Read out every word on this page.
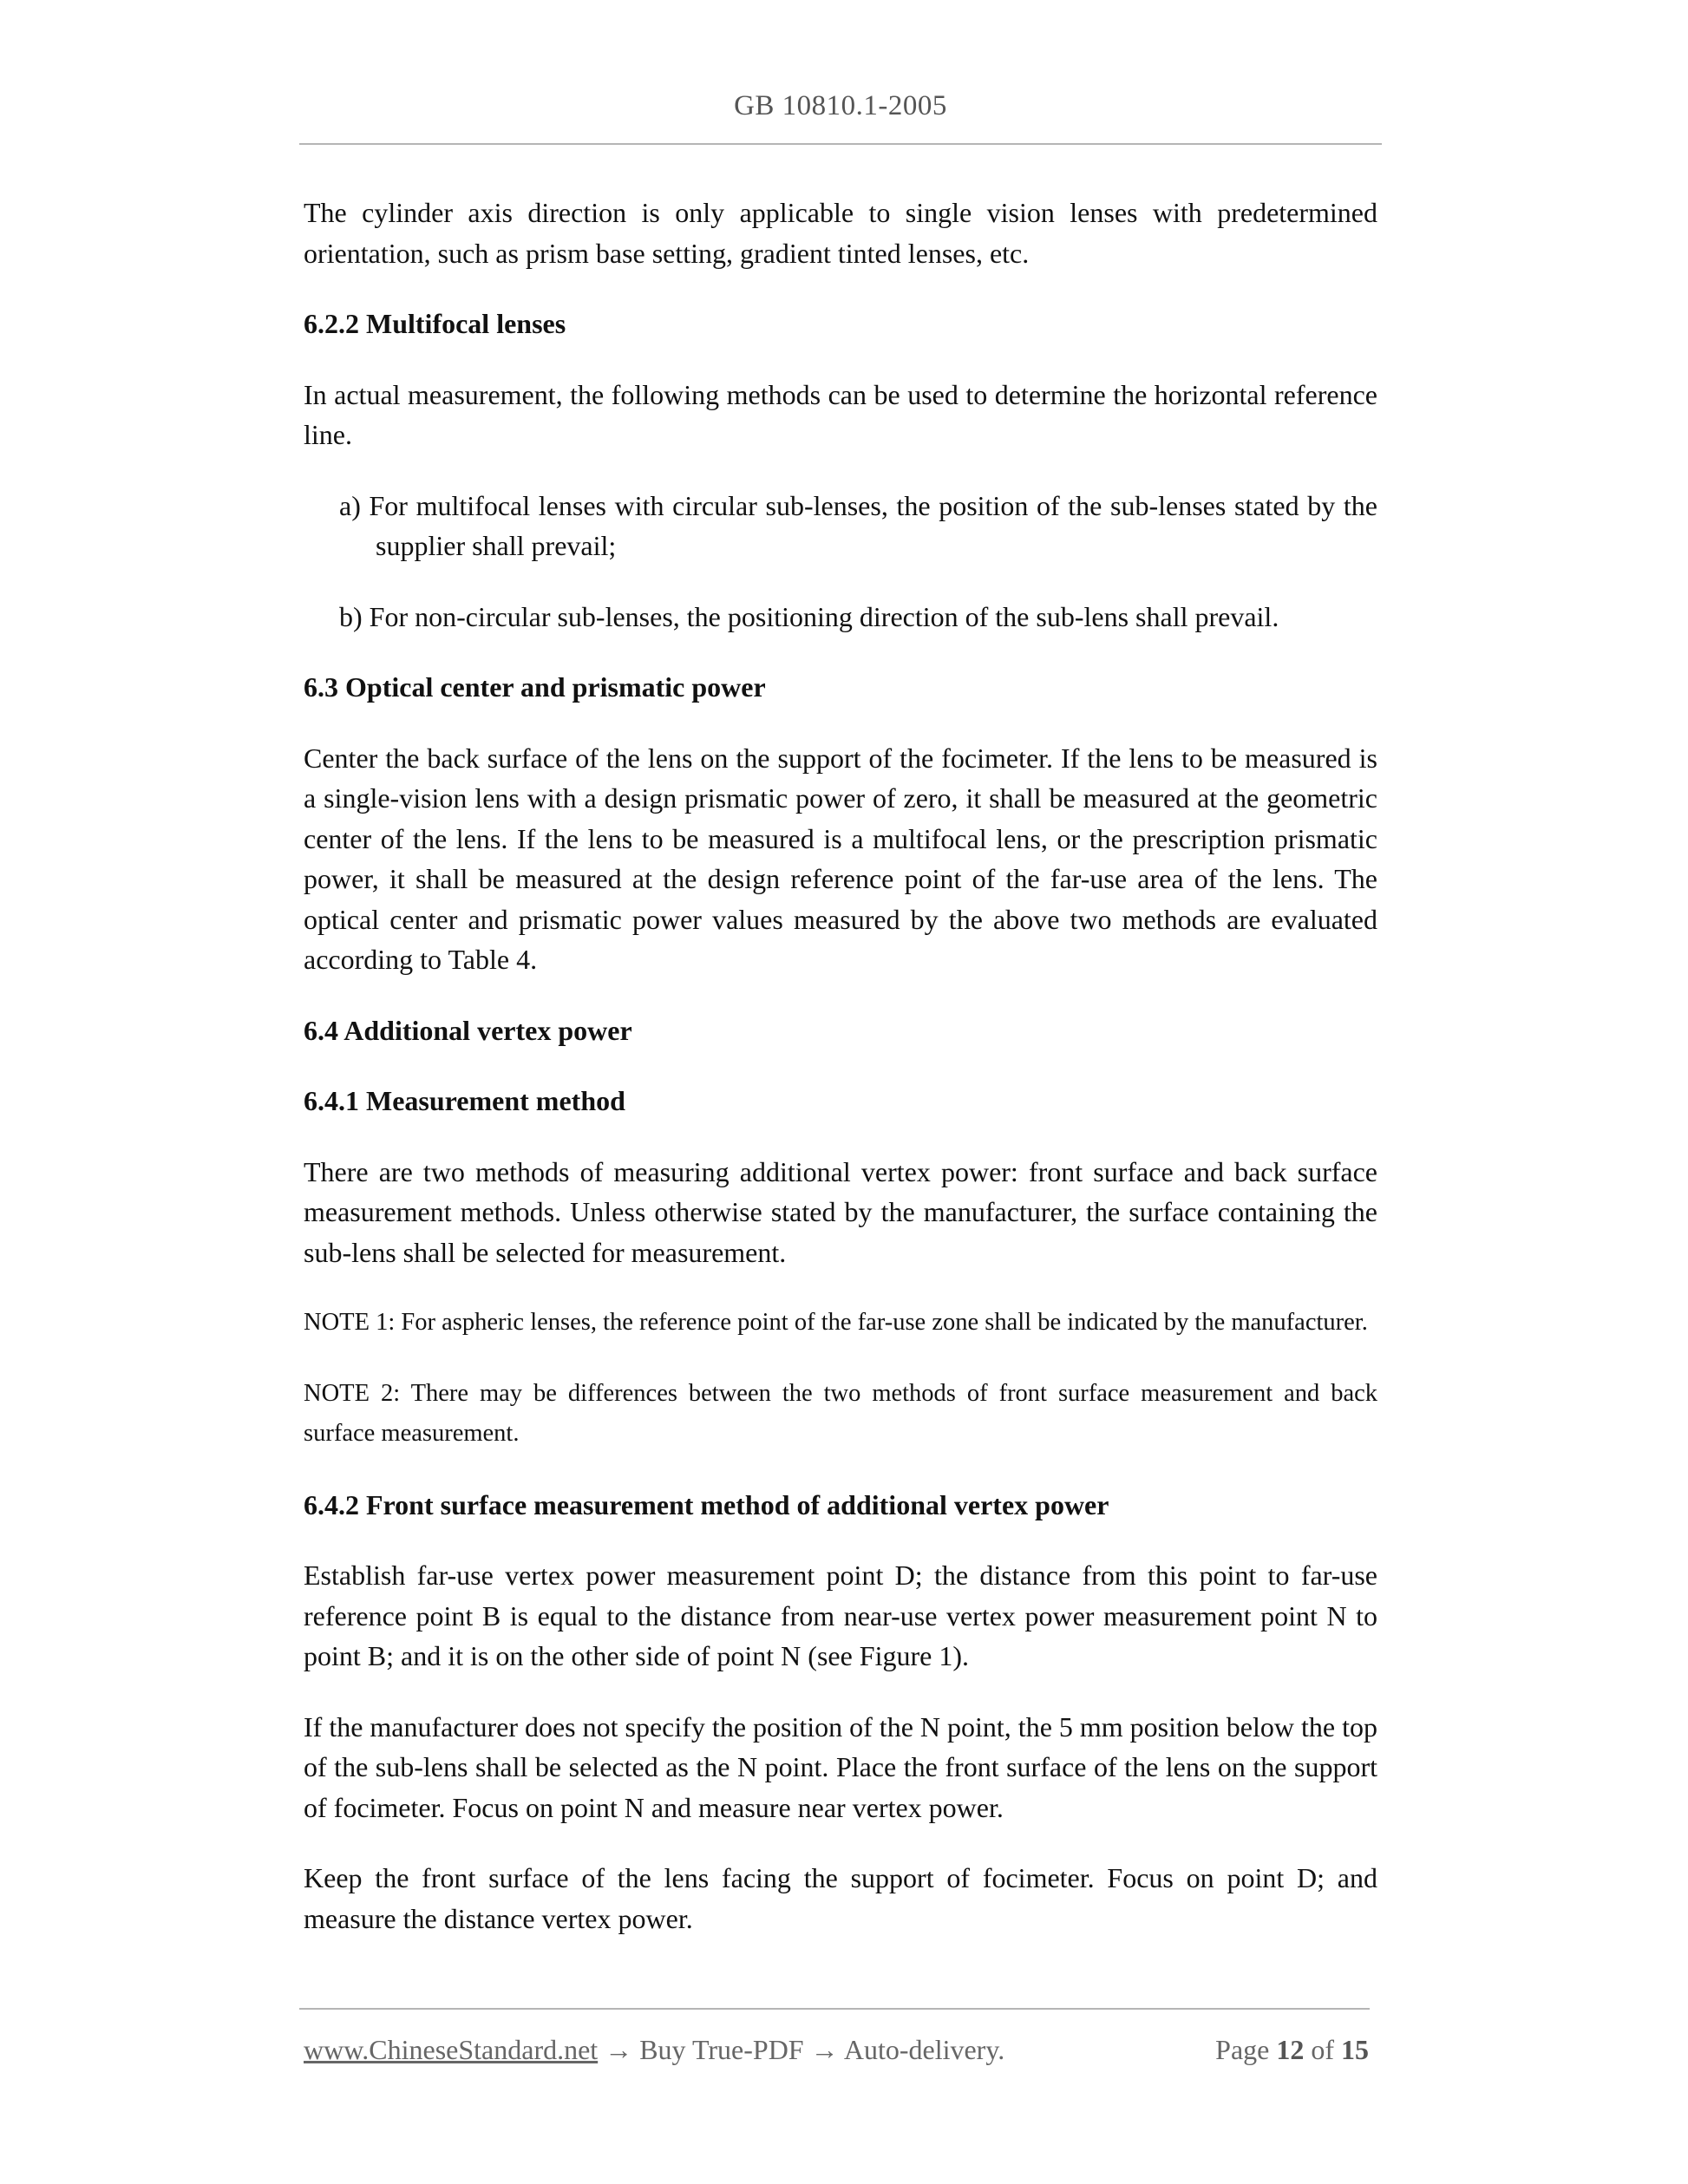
GB 10810.1-2005

The cylinder axis direction is only applicable to single vision lenses with predetermined orientation, such as prism base setting, gradient tinted lenses, etc.

6.2.2 Multifocal lenses

In actual measurement, the following methods can be used to determine the horizontal reference line.

a) For multifocal lenses with circular sub-lenses, the position of the sub-lenses stated by the supplier shall prevail;

b) For non-circular sub-lenses, the positioning direction of the sub-lens shall prevail.

6.3 Optical center and prismatic power

Center the back surface of the lens on the support of the focimeter. If the lens to be measured is a single-vision lens with a design prismatic power of zero, it shall be measured at the geometric center of the lens. If the lens to be measured is a multifocal lens, or the prescription prismatic power, it shall be measured at the design reference point of the far-use area of the lens. The optical center and prismatic power values measured by the above two methods are evaluated according to Table 4.

6.4 Additional vertex power

6.4.1 Measurement method

There are two methods of measuring additional vertex power: front surface and back surface measurement methods. Unless otherwise stated by the manufacturer, the surface containing the sub-lens shall be selected for measurement.

NOTE 1: For aspheric lenses, the reference point of the far-use zone shall be indicated by the manufacturer.

NOTE 2: There may be differences between the two methods of front surface measurement and back surface measurement.

6.4.2 Front surface measurement method of additional vertex power

Establish far-use vertex power measurement point D; the distance from this point to far-use reference point B is equal to the distance from near-use vertex power measurement point N to point B; and it is on the other side of point N (see Figure 1).

If the manufacturer does not specify the position of the N point, the 5 mm position below the top of the sub-lens shall be selected as the N point. Place the front surface of the lens on the support of focimeter. Focus on point N and measure near vertex power.

Keep the front surface of the lens facing the support of focimeter. Focus on point D; and measure the distance vertex power.

www.ChineseStandard.net → Buy True-PDF → Auto-delivery.	Page 12 of 15
